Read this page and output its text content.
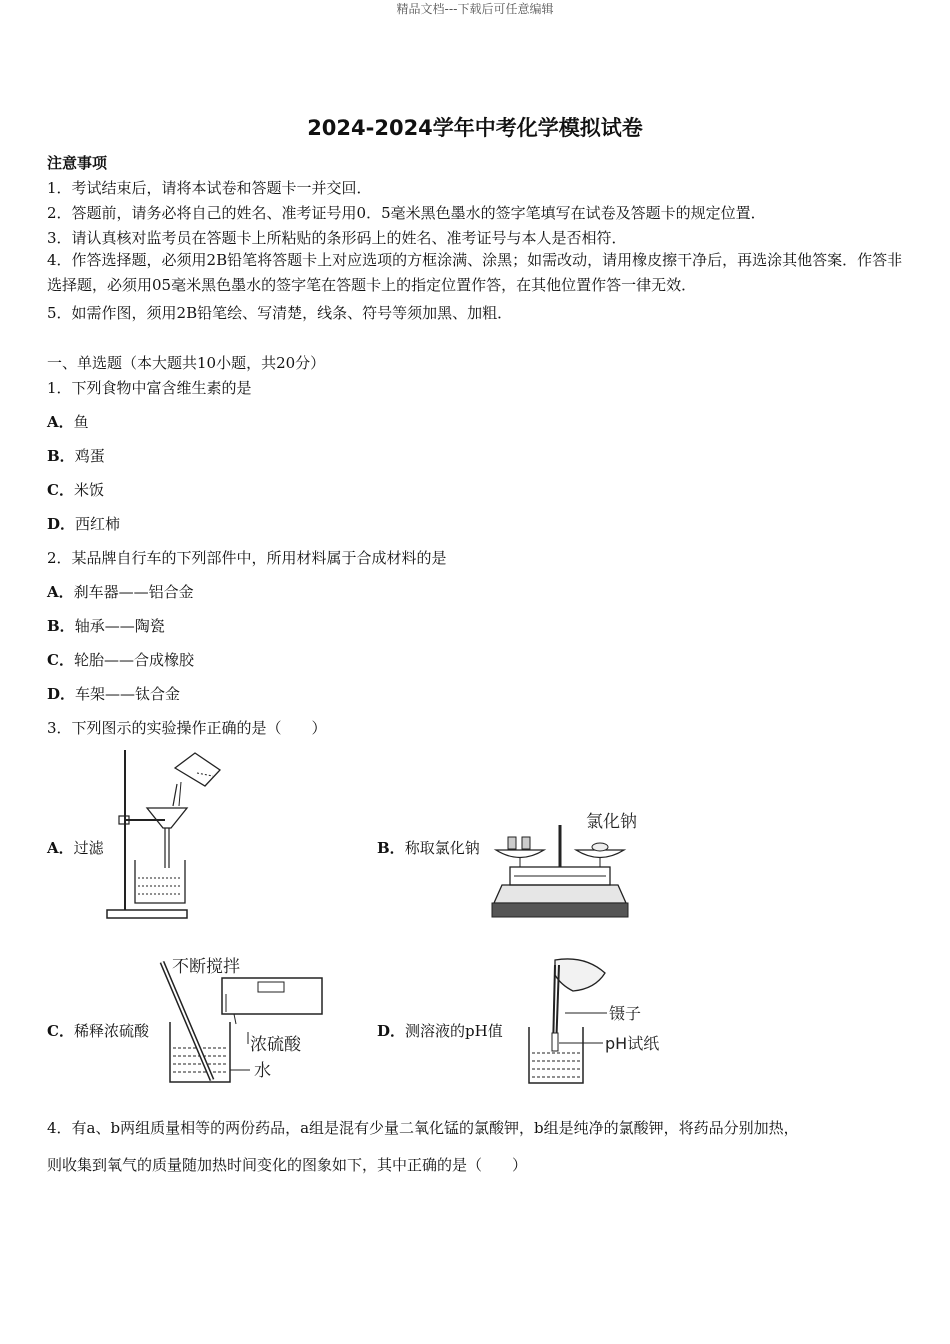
精品文档---下载后可任意编辑
2024-2024学年中考化学模拟试卷
注意事项
1．考试结束后，请将本试卷和答题卡一并交回．
2．答题前，请务必将自己的姓名、准考证号用0．5毫米黑色墨水的签字笔填写在试卷及答题卡的规定位置．
3．请认真核对监考员在答题卡上所粘贴的条形码上的姓名、准考证号与本人是否相符．
4．作答选择题，必须用2B铅笔将答题卡上对应选项的方框涂满、涂黑；如需改动，请用橡皮擦干净后，再选涂其他答案．作答非选择题，必须用05毫米黑色墨水的签字笔在答题卡上的指定位置作答，在其他位置作答一律无效．
5．如需作图，须用2B铅笔绘、写清楚，线条、符号等须加黑、加粗．
一、单选题（本大题共10小题，共20分）
1．下列食物中富含维生素的是
A．鱼
B．鸡蛋
C．米饭
D．西红柿
2．某品牌自行车的下列部件中，所用材料属于合成材料的是
A．刹车器——铝合金
B．轴承——陶瓷
C．轮胎——合成橡胶
D．车架——钛合金
3．下列图示的实验操作正确的是（　　）
A．过滤	B．称取氯化钠
C．稀释浓硫酸	D．测溶液的pH值
氯化钠
不断搅拌
浓硫酸
水
镊子
pH试纸
4．有a、b两组质量相等的两份药品，a组是混有少量二氧化锰的氯酸钾，b组是纯净的氯酸钾，将药品分别加热，
则收集到氧气的质量随加热时间变化的图象如下，其中正确的是（　　）
